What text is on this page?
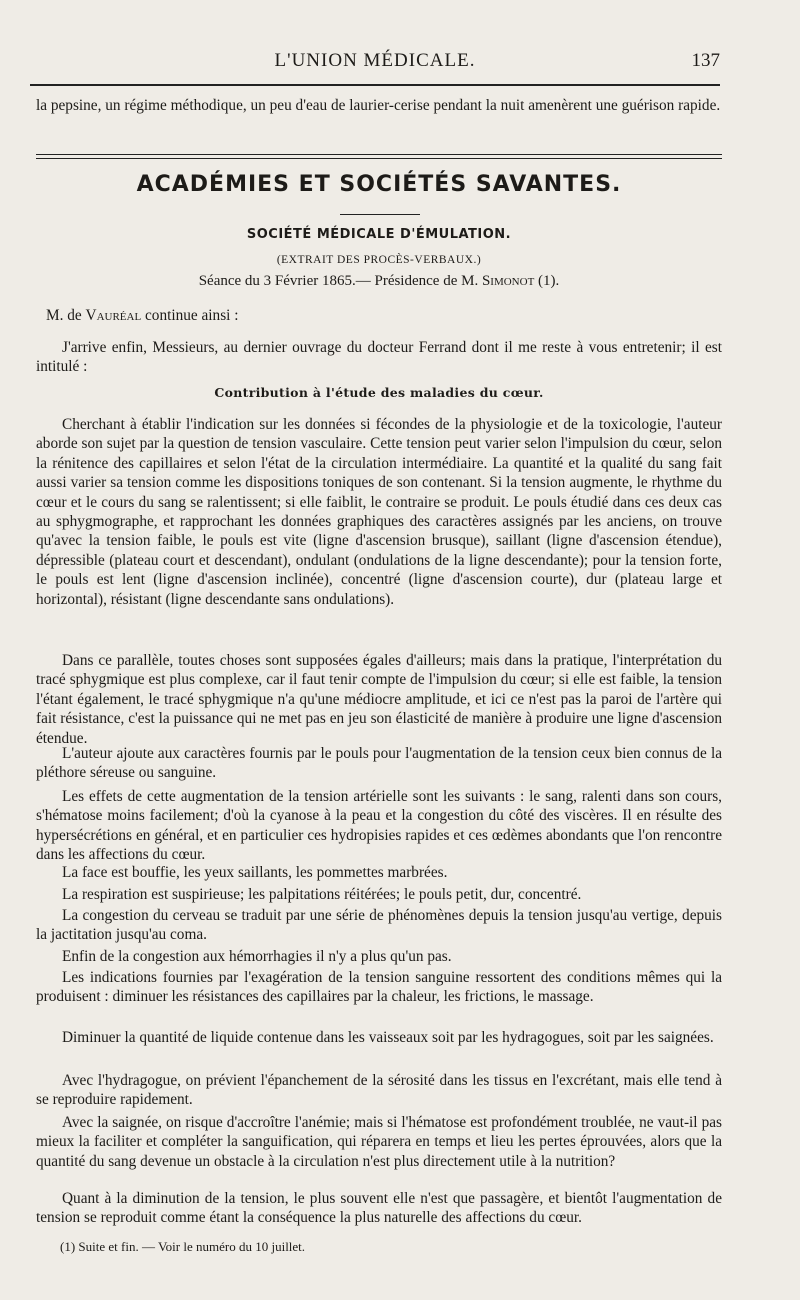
L'UNION MÉDICALE.	137

la pepsine, un régime méthodique, un peu d'eau de laurier-cerise pendant la nuit amenèrent une guérison rapide.

ACADÉMIES ET SOCIÉTÉS SAVANTES.
SOCIÉTÉ MÉDICALE D'ÉMULATION.
(EXTRAIT DES PROCÈS-VERBAUX.)
Séance du 3 Février 1865.— Présidence de M. Simonot (1).

M. de Vauréal continue ainsi :

J'arrive enfin, Messieurs, au dernier ouvrage du docteur Ferrand dont il me reste à vous entretenir; il est intitulé :

Contribution à l'étude des maladies du cœur.

Cherchant à établir l'indication sur les données si fécondes de la physiologie et de la toxicologie, l'auteur aborde son sujet par la question de tension vasculaire. Cette tension peut varier selon l'impulsion du cœur, selon la rénitence des capillaires et selon l'état de la circulation intermédiaire. La quantité et la qualité du sang fait aussi varier sa tension comme les dispositions toniques de son contenant. Si la tension augmente, le rhythme du cœur et le cours du sang se ralentissent; si elle faiblit, le contraire se produit. Le pouls étudié dans ces deux cas au sphygmographe, et rapprochant les données graphiques des caractères assignés par les anciens, on trouve qu'avec la tension faible, le pouls est vite (ligne d'ascension brusque), saillant (ligne d'ascension étendue), dépressible (plateau court et descendant), ondulant (ondulations de la ligne descendante); pour la tension forte, le pouls est lent (ligne d'ascension inclinée), concentré (ligne d'ascension courte), dur (plateau large et horizontal), résistant (ligne descendante sans ondulations).

Dans ce parallèle, toutes choses sont supposées égales d'ailleurs; mais dans la pratique, l'interprétation du tracé sphygmique est plus complexe, car il faut tenir compte de l'impulsion du cœur; si elle est faible, la tension l'étant également, le tracé sphygmique n'a qu'une médiocre amplitude, et ici ce n'est pas la paroi de l'artère qui fait résistance, c'est la puissance qui ne met pas en jeu son élasticité de manière à produire une ligne d'ascension étendue.

L'auteur ajoute aux caractères fournis par le pouls pour l'augmentation de la tension ceux bien connus de la pléthore séreuse ou sanguine.

Les effets de cette augmentation de la tension artérielle sont les suivants : le sang, ralenti dans son cours, s'hématose moins facilement; d'où la cyanose à la peau et la congestion du côté des viscères. Il en résulte des hypersécrétions en général, et en particulier ces hydropisies rapides et ces œdèmes abondants que l'on rencontre dans les affections du cœur.

La face est bouffie, les yeux saillants, les pommettes marbrées.

La respiration est suspirieuse; les palpitations réitérées; le pouls petit, dur, concentré.

La congestion du cerveau se traduit par une série de phénomènes depuis la tension jusqu'au vertige, depuis la jactitation jusqu'au coma.

Enfin de la congestion aux hémorrhagies il n'y a plus qu'un pas.

Les indications fournies par l'exagération de la tension sanguine ressortent des conditions mêmes qui la produisent : diminuer les résistances des capillaires par la chaleur, les frictions, le massage.

Diminuer la quantité de liquide contenue dans les vaisseaux soit par les hydragogues, soit par les saignées.

Avec l'hydragogue, on prévient l'épanchement de la sérosité dans les tissus en l'excrétant, mais elle tend à se reproduire rapidement.

Avec la saignée, on risque d'accroître l'anémie; mais si l'hématose est profondément troublée, ne vaut-il pas mieux la faciliter et compléter la sanguification, qui réparera en temps et lieu les pertes éprouvées, alors que la quantité du sang devenue un obstacle à la circulation n'est plus directement utile à la nutrition?

Quant à la diminution de la tension, le plus souvent elle n'est que passagère, et bientôt l'augmentation de tension se reproduit comme étant la conséquence la plus naturelle des affections du cœur.

(1) Suite et fin. — Voir le numéro du 10 juillet.
